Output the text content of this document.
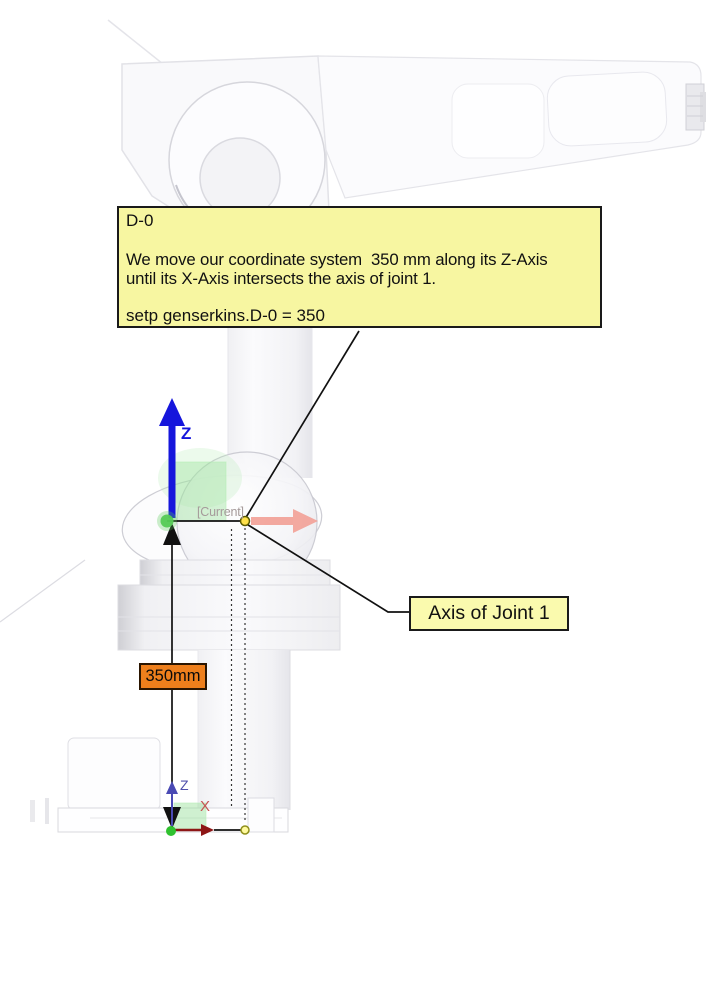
D-0
We move our coordinate system  350 mm along its Z-Axis
until its X-Axis intersects the axis of joint 1.
setp genserkins.D-0 = 350
Axis of Joint 1
350mm
Z
[Current]
Z
X
